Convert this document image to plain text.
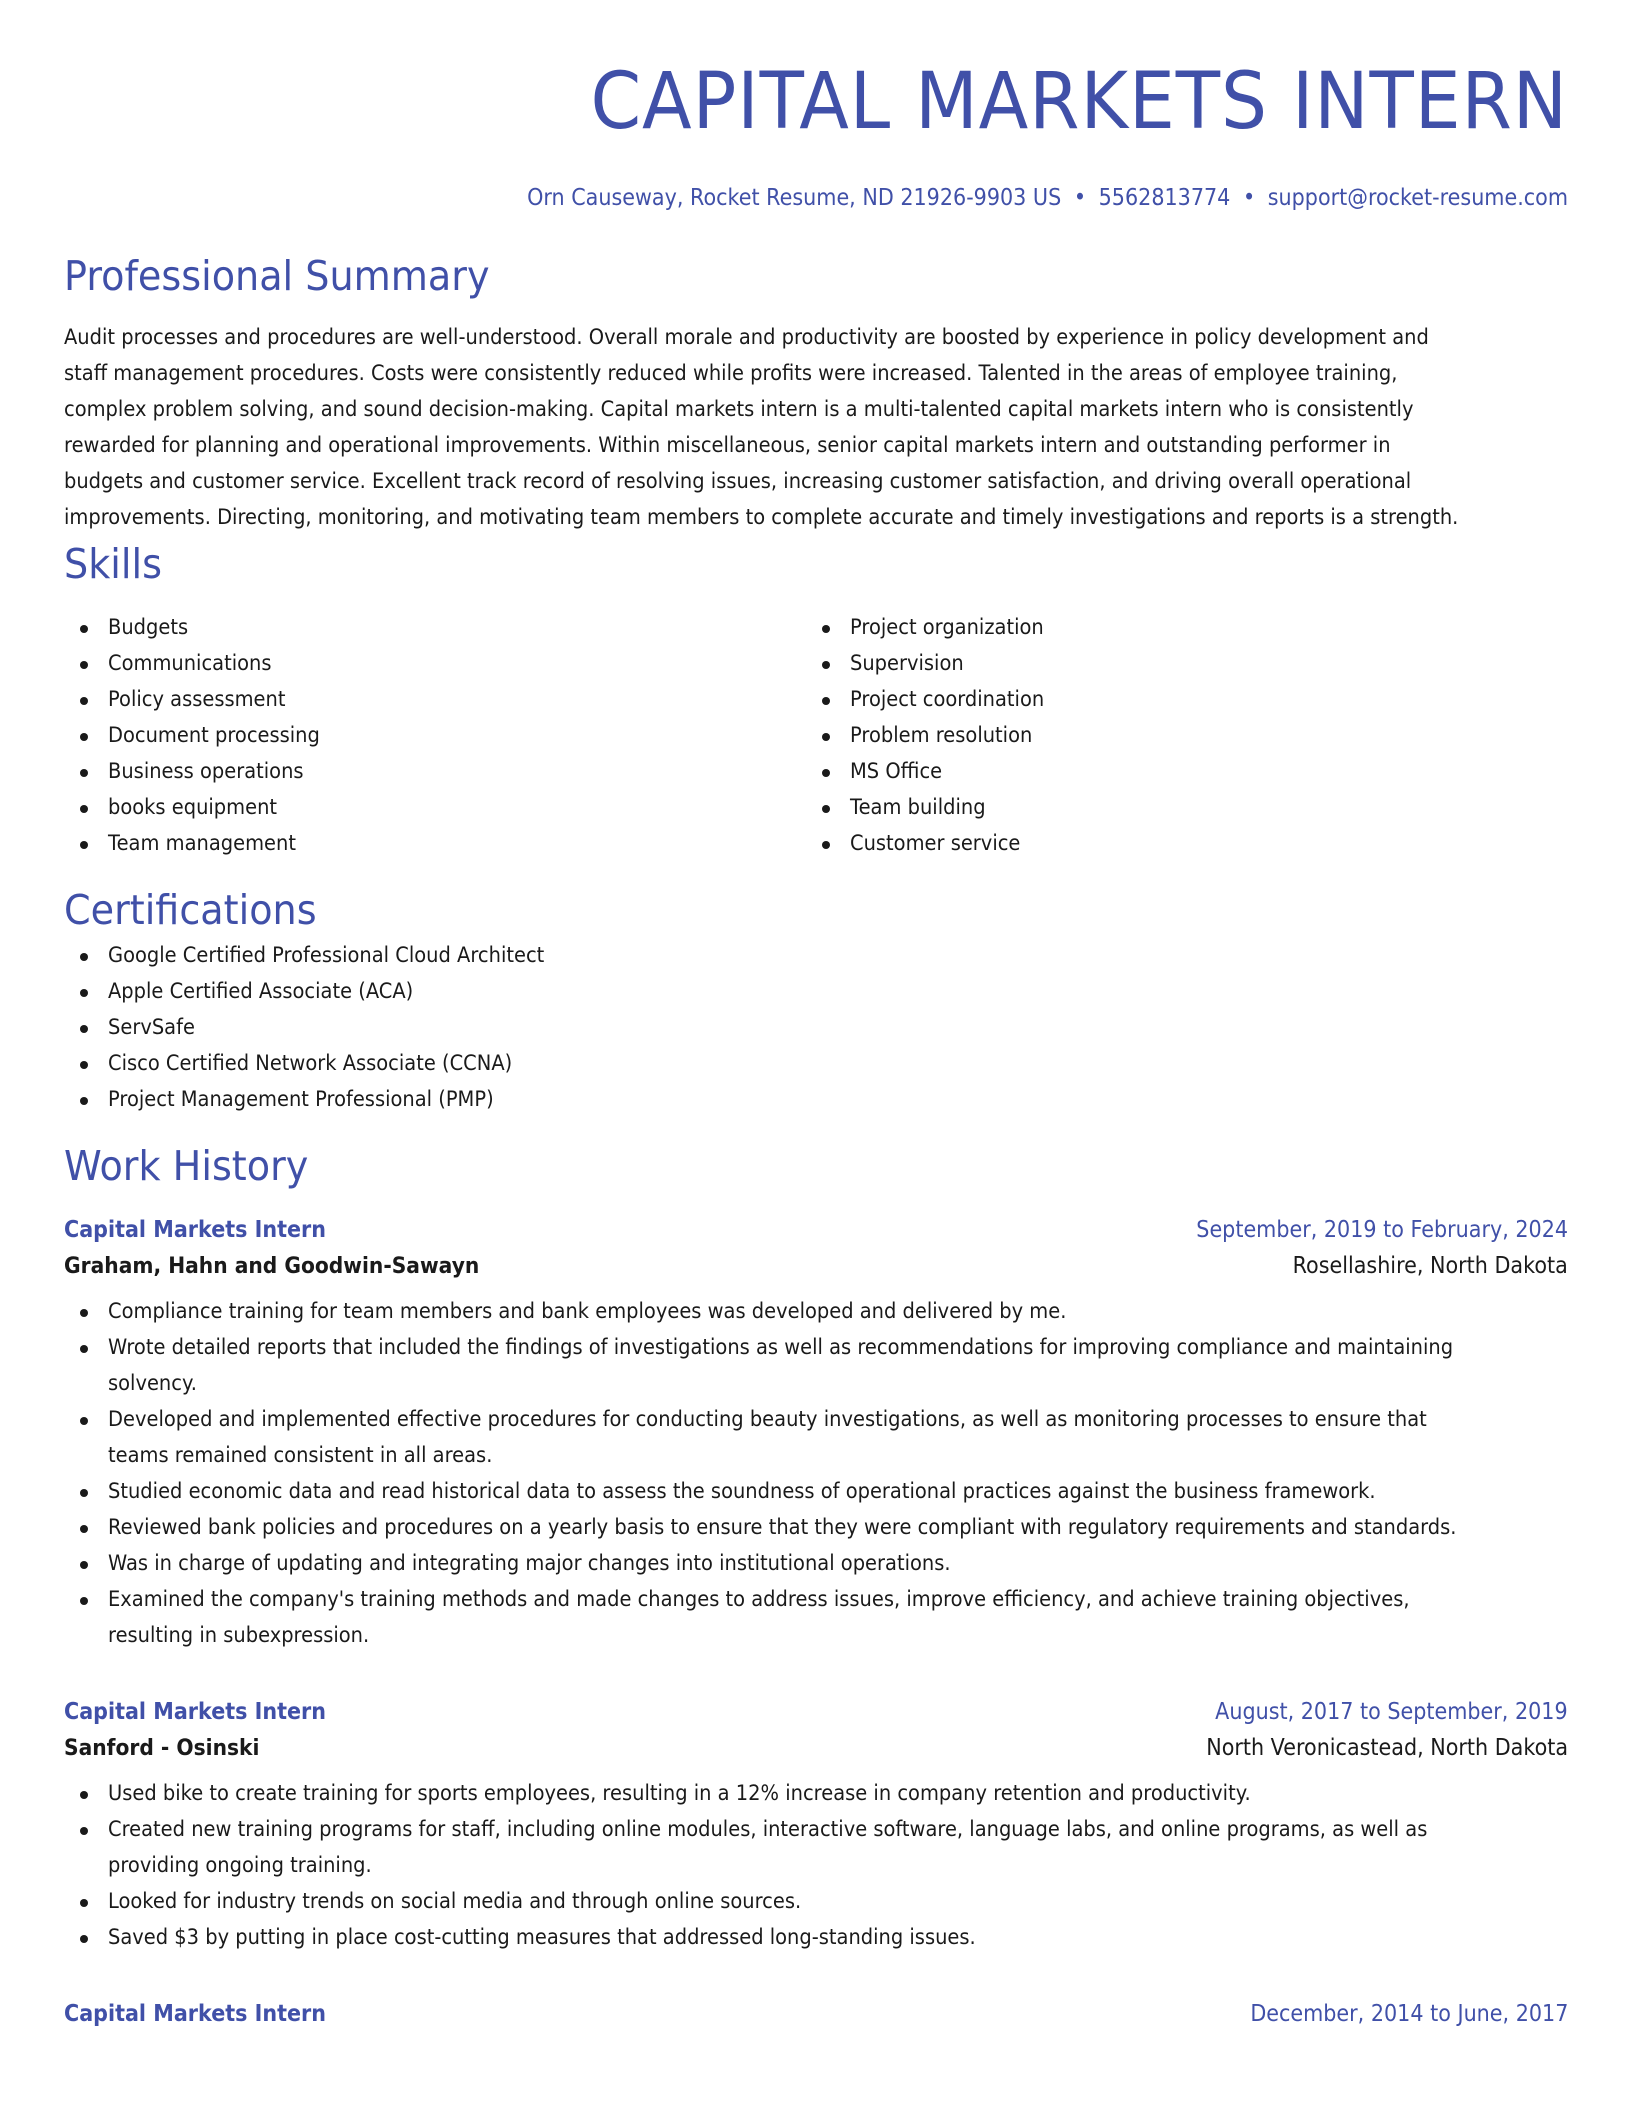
CAPITAL MARKETS INTERN
Orn Causeway, Rocket Resume, ND 21926-9903 US • 5562813774 • support@rocket-resume.com
Professional Summary
Audit processes and procedures are well-understood. Overall morale and productivity are boosted by experience in policy development and
staff management procedures. Costs were consistently reduced while profits were increased. Talented in the areas of employee training,
complex problem solving, and sound decision-making. Capital markets intern is a multi-talented capital markets intern who is consistently
rewarded for planning and operational improvements. Within miscellaneous, senior capital markets intern and outstanding performer in
budgets and customer service. Excellent track record of resolving issues, increasing customer satisfaction, and driving overall operational
improvements. Directing, monitoring, and motivating team members to complete accurate and timely investigations and reports is a strength.
Skills
Budgets
Communications
Policy assessment
Document processing
Business operations
books equipment
Team management
Project organization
Supervision
Project coordination
Problem resolution
MS Office
Team building
Customer service
Certifications
Google Certified Professional Cloud Architect
Apple Certified Associate (ACA)
ServSafe
Cisco Certified Network Associate (CCNA)
Project Management Professional (PMP)
Work History
Capital Markets Intern	September, 2019 to February, 2024
Graham, Hahn and Goodwin-Sawayn	Rosellashire, North Dakota
Compliance training for team members and bank employees was developed and delivered by me.
Wrote detailed reports that included the findings of investigations as well as recommendations for improving compliance and maintaining
solvency.
Developed and implemented effective procedures for conducting beauty investigations, as well as monitoring processes to ensure that
teams remained consistent in all areas.
Studied economic data and read historical data to assess the soundness of operational practices against the business framework.
Reviewed bank policies and procedures on a yearly basis to ensure that they were compliant with regulatory requirements and standards.
Was in charge of updating and integrating major changes into institutional operations.
Examined the company's training methods and made changes to address issues, improve efficiency, and achieve training objectives,
resulting in subexpression.
Capital Markets Intern	August, 2017 to September, 2019
Sanford - Osinski	North Veronicastead, North Dakota
Used bike to create training for sports employees, resulting in a 12% increase in company retention and productivity.
Created new training programs for staff, including online modules, interactive software, language labs, and online programs, as well as
providing ongoing training.
Looked for industry trends on social media and through online sources.
Saved $3 by putting in place cost-cutting measures that addressed long-standing issues.
Capital Markets Intern	December, 2014 to June, 2017
